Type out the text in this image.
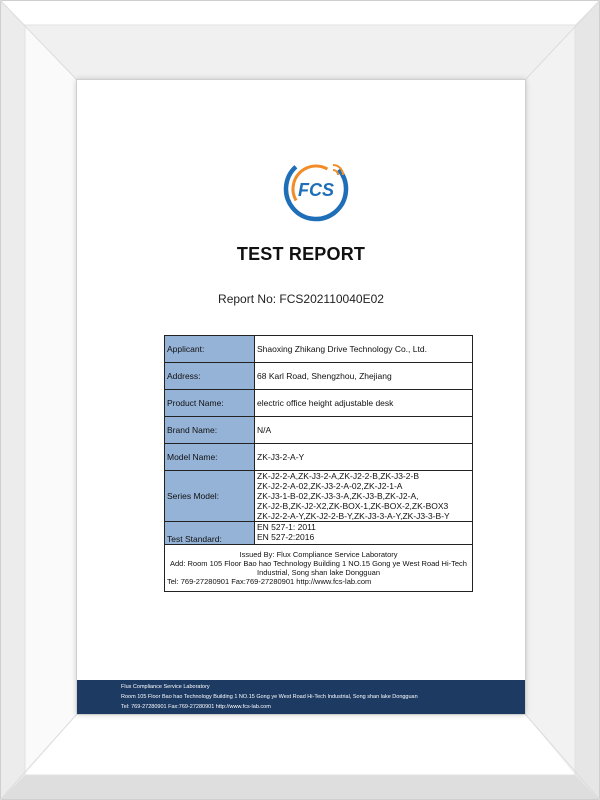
FCS
TEST REPORT
Report No: FCS202110040E02
Applicant:	Shaoxing Zhikang Drive Technology Co., Ltd.
Address:	68 Karl Road, Shengzhou, Zhejiang
Product Name:	electric office height adjustable desk
Brand Name:	N/A
Model Name:	ZK-J3-2-A-Y
Series Model:	ZK-J2-2-A,ZK-J3-2-A,ZK-J2-2-B,ZK-J3-2-B
ZK-J2-2-A-02,ZK-J3-2-A-02,ZK-J2-1-A
ZK-J3-1-B-02,ZK-J3-3-A,ZK-J3-B,ZK-J2-A,
ZK-J2-B,ZK-J2-X2,ZK-BOX-1,ZK-BOX-2,ZK-BOX3
ZK-J2-2-A-Y,ZK-J2-2-B-Y,ZK-J3-3-A-Y,ZK-J3-3-B-Y

Test Standard:	EN 527-1: 2011
EN 527-2:2016

Issued By: Flux Compliance Service Laboratory
Add: Room 105 Floor Bao hao Technology Building 1 NO.15 Gong ye West Road Hi-Tech
Industrial, Song shan lake Dongguan
Tel: 769-27280901 Fax:769-27280901 http://www.fcs-lab.com	
Flux Compliance Service Laboratory
Room 105 Floor Bao hao Technology Building 1 NO.15 Gong ye West Road Hi-Tech Industrial, Song shan lake Dongguan
Tel: 769-27280901 Fax:769-27280901 http://www.fcs-lab.com
